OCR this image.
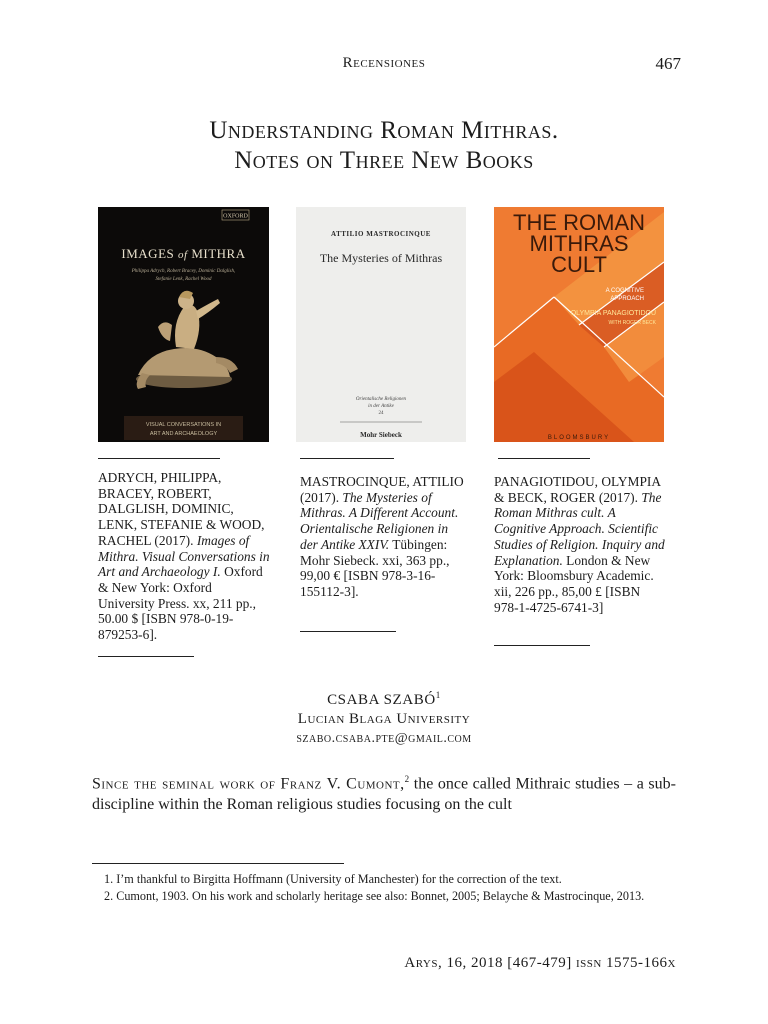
Recensiones	467
Understanding Roman Mithras.
Notes on Three New Books
OXFORD
IMAGES of MITHRA
Philippa Adrych, Robert Bracey, Dominic Dalglish,
Stefanie Lenk, Rachel Wood
VISUAL CONVERSATIONS IN
ART AND ARCHAEOLOGY
ATTILIO MASTROCINQUE
The Mysteries of Mithras
Orientalische Religionen
in der Antike
24
Mohr Siebeck
THE ROMAN
MITHRAS
CULT
A COGNITIVE
APPROACH
OLYMPIA PANAGIOTIDOU
WITH ROGER BECK
BLOOMSBURY
ADRYCH, PHILIPPA, BRACEY, ROBERT, DALGLISH, DOMINIC, LENK, STEFANIE & WOOD, RACHEL (2017). Images of Mithra. Visual Conversations in Art and Archaeology I. Oxford & New York: Oxford University Press. xx, 211 pp., 50.00 $ [ISBN 978-0-19-879253-6].
MASTROCINQUE, ATTILIO (2017). The Mysteries of Mithras. A Different Account. Orientalische Religionen in der Antike XXIV. Tübingen: Mohr Siebeck. xxi, 363 pp., 99,00 € [ISBN 978-3-16-155112-3].
PANAGIOTIDOU, OLYMPIA & BECK, ROGER (2017). The Roman Mithras cult. A Cognitive Approach. Scientific Studies of Religion. Inquiry and Explanation. London & New York: Bloomsbury Academic. xii, 226 pp., 85,00 £ [ISBN 978-1-4725-6741-3]
CSABA SZABÓ$^1$
Lucian Blaga University
szabo.csaba.pte@gmail.com
Since the seminal work of Franz V. Cumont,$^2$ the once called Mithraic studies – a sub-discipline within the Roman religious studies focusing on the cult
1. I’m thankful to Birgitta Hoffmann (University of Manchester) for the correction of the text.
2. Cumont, 1903. On his work and scholarly heritage see also: Bonnet, 2005; Belayche & Mastrocinque, 2013.
Arys, 16, 2018 [467-479] issn 1575-166x
